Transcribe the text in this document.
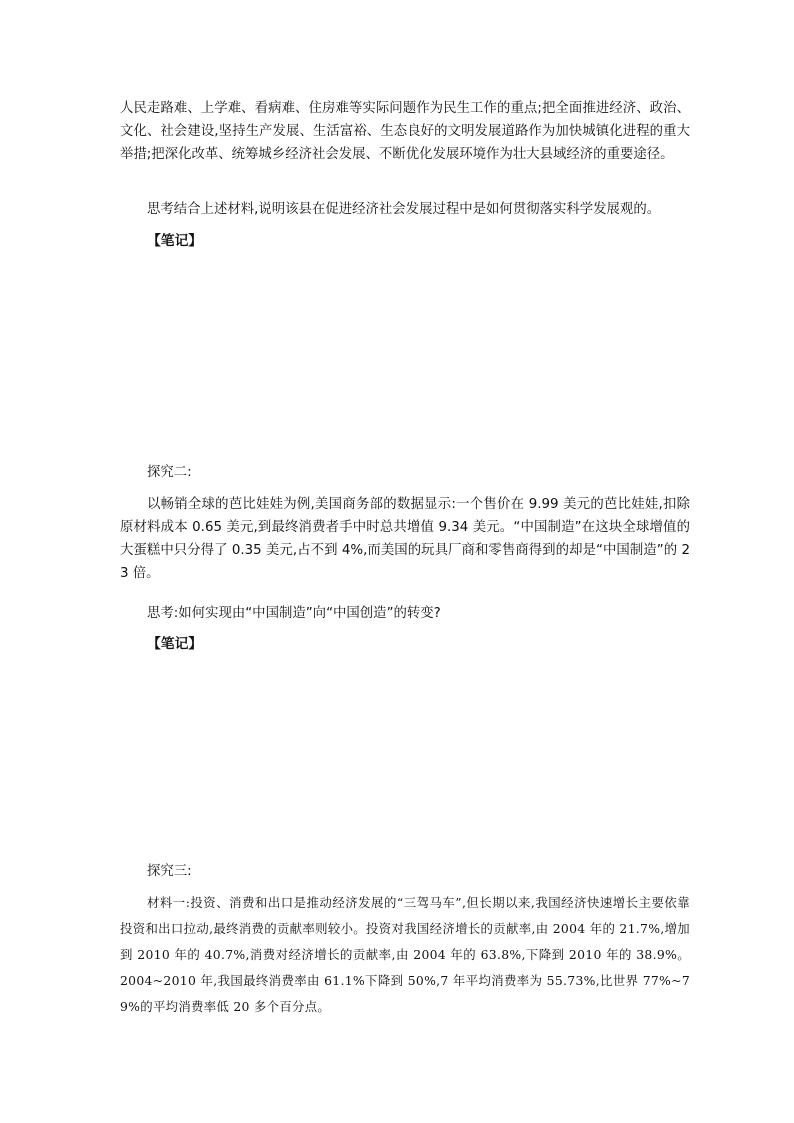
人民走路难、上学难、看病难、住房难等实际问题作为民生工作的重点;把全面推进经济、政治、文化、社会建设,坚持生产发展、生活富裕、生态良好的文明发展道路作为加快城镇化进程的重大举措;把深化改革、统筹城乡经济社会发展、不断优化发展环境作为壮大县域经济的重要途径。

思考结合上述材料,说明该县在促进经济社会发展过程中是如何贯彻落实科学发展观的。

【笔记】

探究二:

以畅销全球的芭比娃娃为例,美国商务部的数据显示:一个售价在 9.99 美元的芭比娃娃,扣除原材料成本 0.65 美元,到最终消费者手中时总共增值 9.34 美元。“中国制造”在这块全球增值的大蛋糕中只分得了 0.35 美元,占不到 4%,而美国的玩具厂商和零售商得到的却是“中国制造”的 23 倍。

思考:如何实现由“中国制造”向“中国创造”的转变?

【笔记】

探究三:

材料一:投资、消费和出口是推动经济发展的“三驾马车”,但长期以来,我国经济快速增长主要依靠投资和出口拉动,最终消费的贡献率则较小。投资对我国经济增长的贡献率,由 2004 年的 21.7%,增加到 2010 年的 40.7%,消费对经济增长的贡献率,由 2004 年的 63.8%,下降到 2010 年的 38.9%。2004~2010 年,我国最终消费率由 61.1%下降到 50%,7 年平均消费率为 55.73%,比世界 77%~79%的平均消费率低 20 多个百分点。
